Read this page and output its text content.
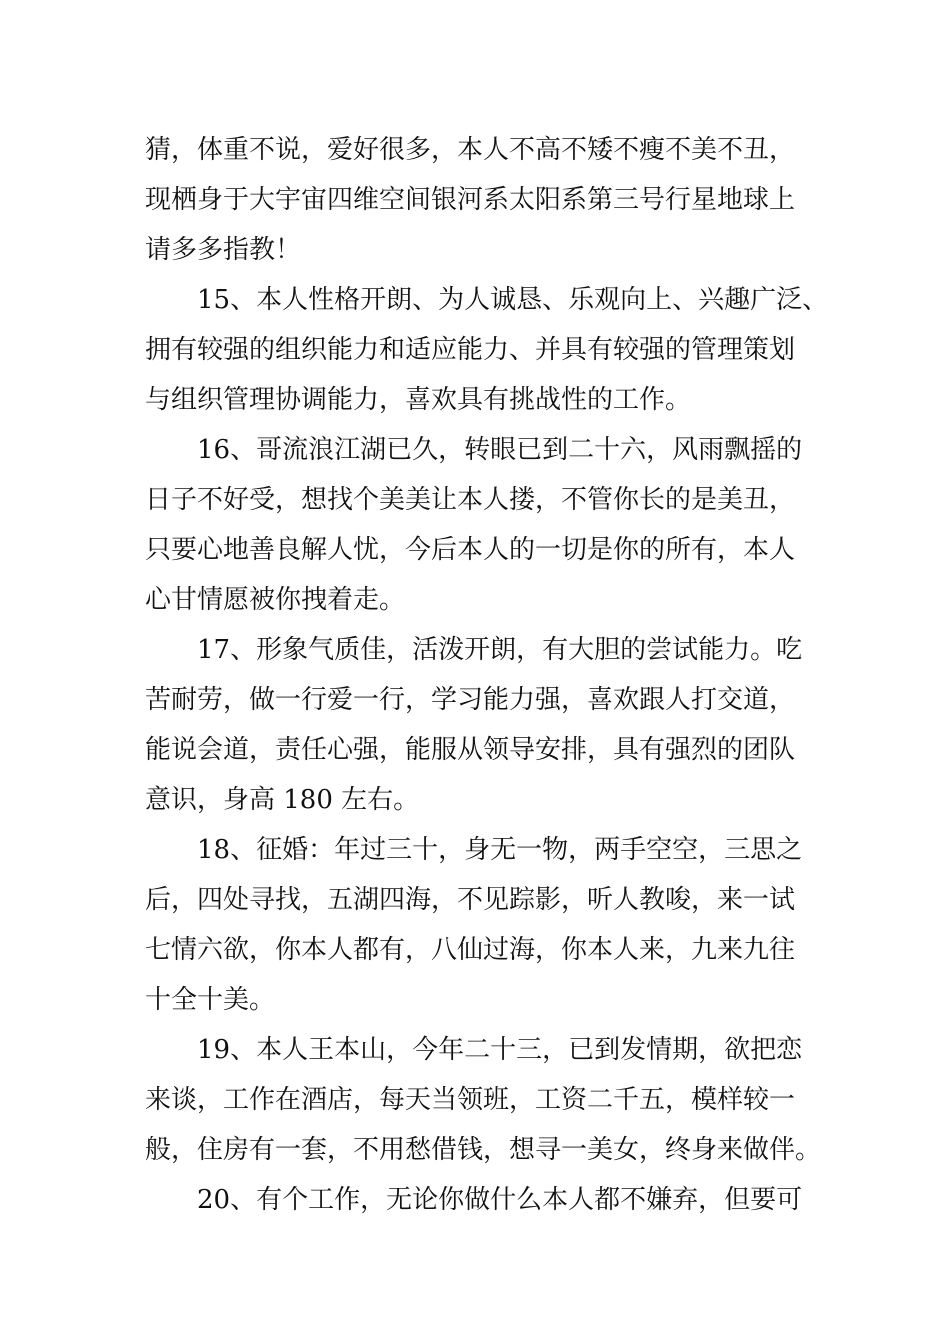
猜，体重不说，爱好很多，本人不高不矮不瘦不美不丑，

现栖身于大宇宙四维空间银河系太阳系第三号行星地球上

请多多指教！

15、本人性格开朗、为人诚恳、乐观向上、兴趣广泛、

拥有较强的组织能力和适应能力、并具有较强的管理策划

与组织管理协调能力，喜欢具有挑战性的工作。

16、哥流浪江湖已久，转眼已到二十六，风雨飘摇的

日子不好受，想找个美美让本人搂，不管你长的是美丑，

只要心地善良解人忧，今后本人的一切是你的所有，本人

心甘情愿被你拽着走。

17、形象气质佳，活泼开朗，有大胆的尝试能力。吃

苦耐劳，做一行爱一行，学习能力强，喜欢跟人打交道，

能说会道，责任心强，能服从领导安排，具有强烈的团队

意识，身高 180 左右。

18、征婚：年过三十，身无一物，两手空空，三思之

后，四处寻找，五湖四海，不见踪影，听人教唆，来一试

七情六欲，你本人都有，八仙过海，你本人来，九来九往

十全十美。

19、本人王本山，今年二十三，已到发情期，欲把恋

来谈，工作在酒店，每天当领班，工资二千五，模样较一

般，住房有一套，不用愁借钱，想寻一美女，终身来做伴。

20、有个工作，无论你做什么本人都不嫌弃，但要可
